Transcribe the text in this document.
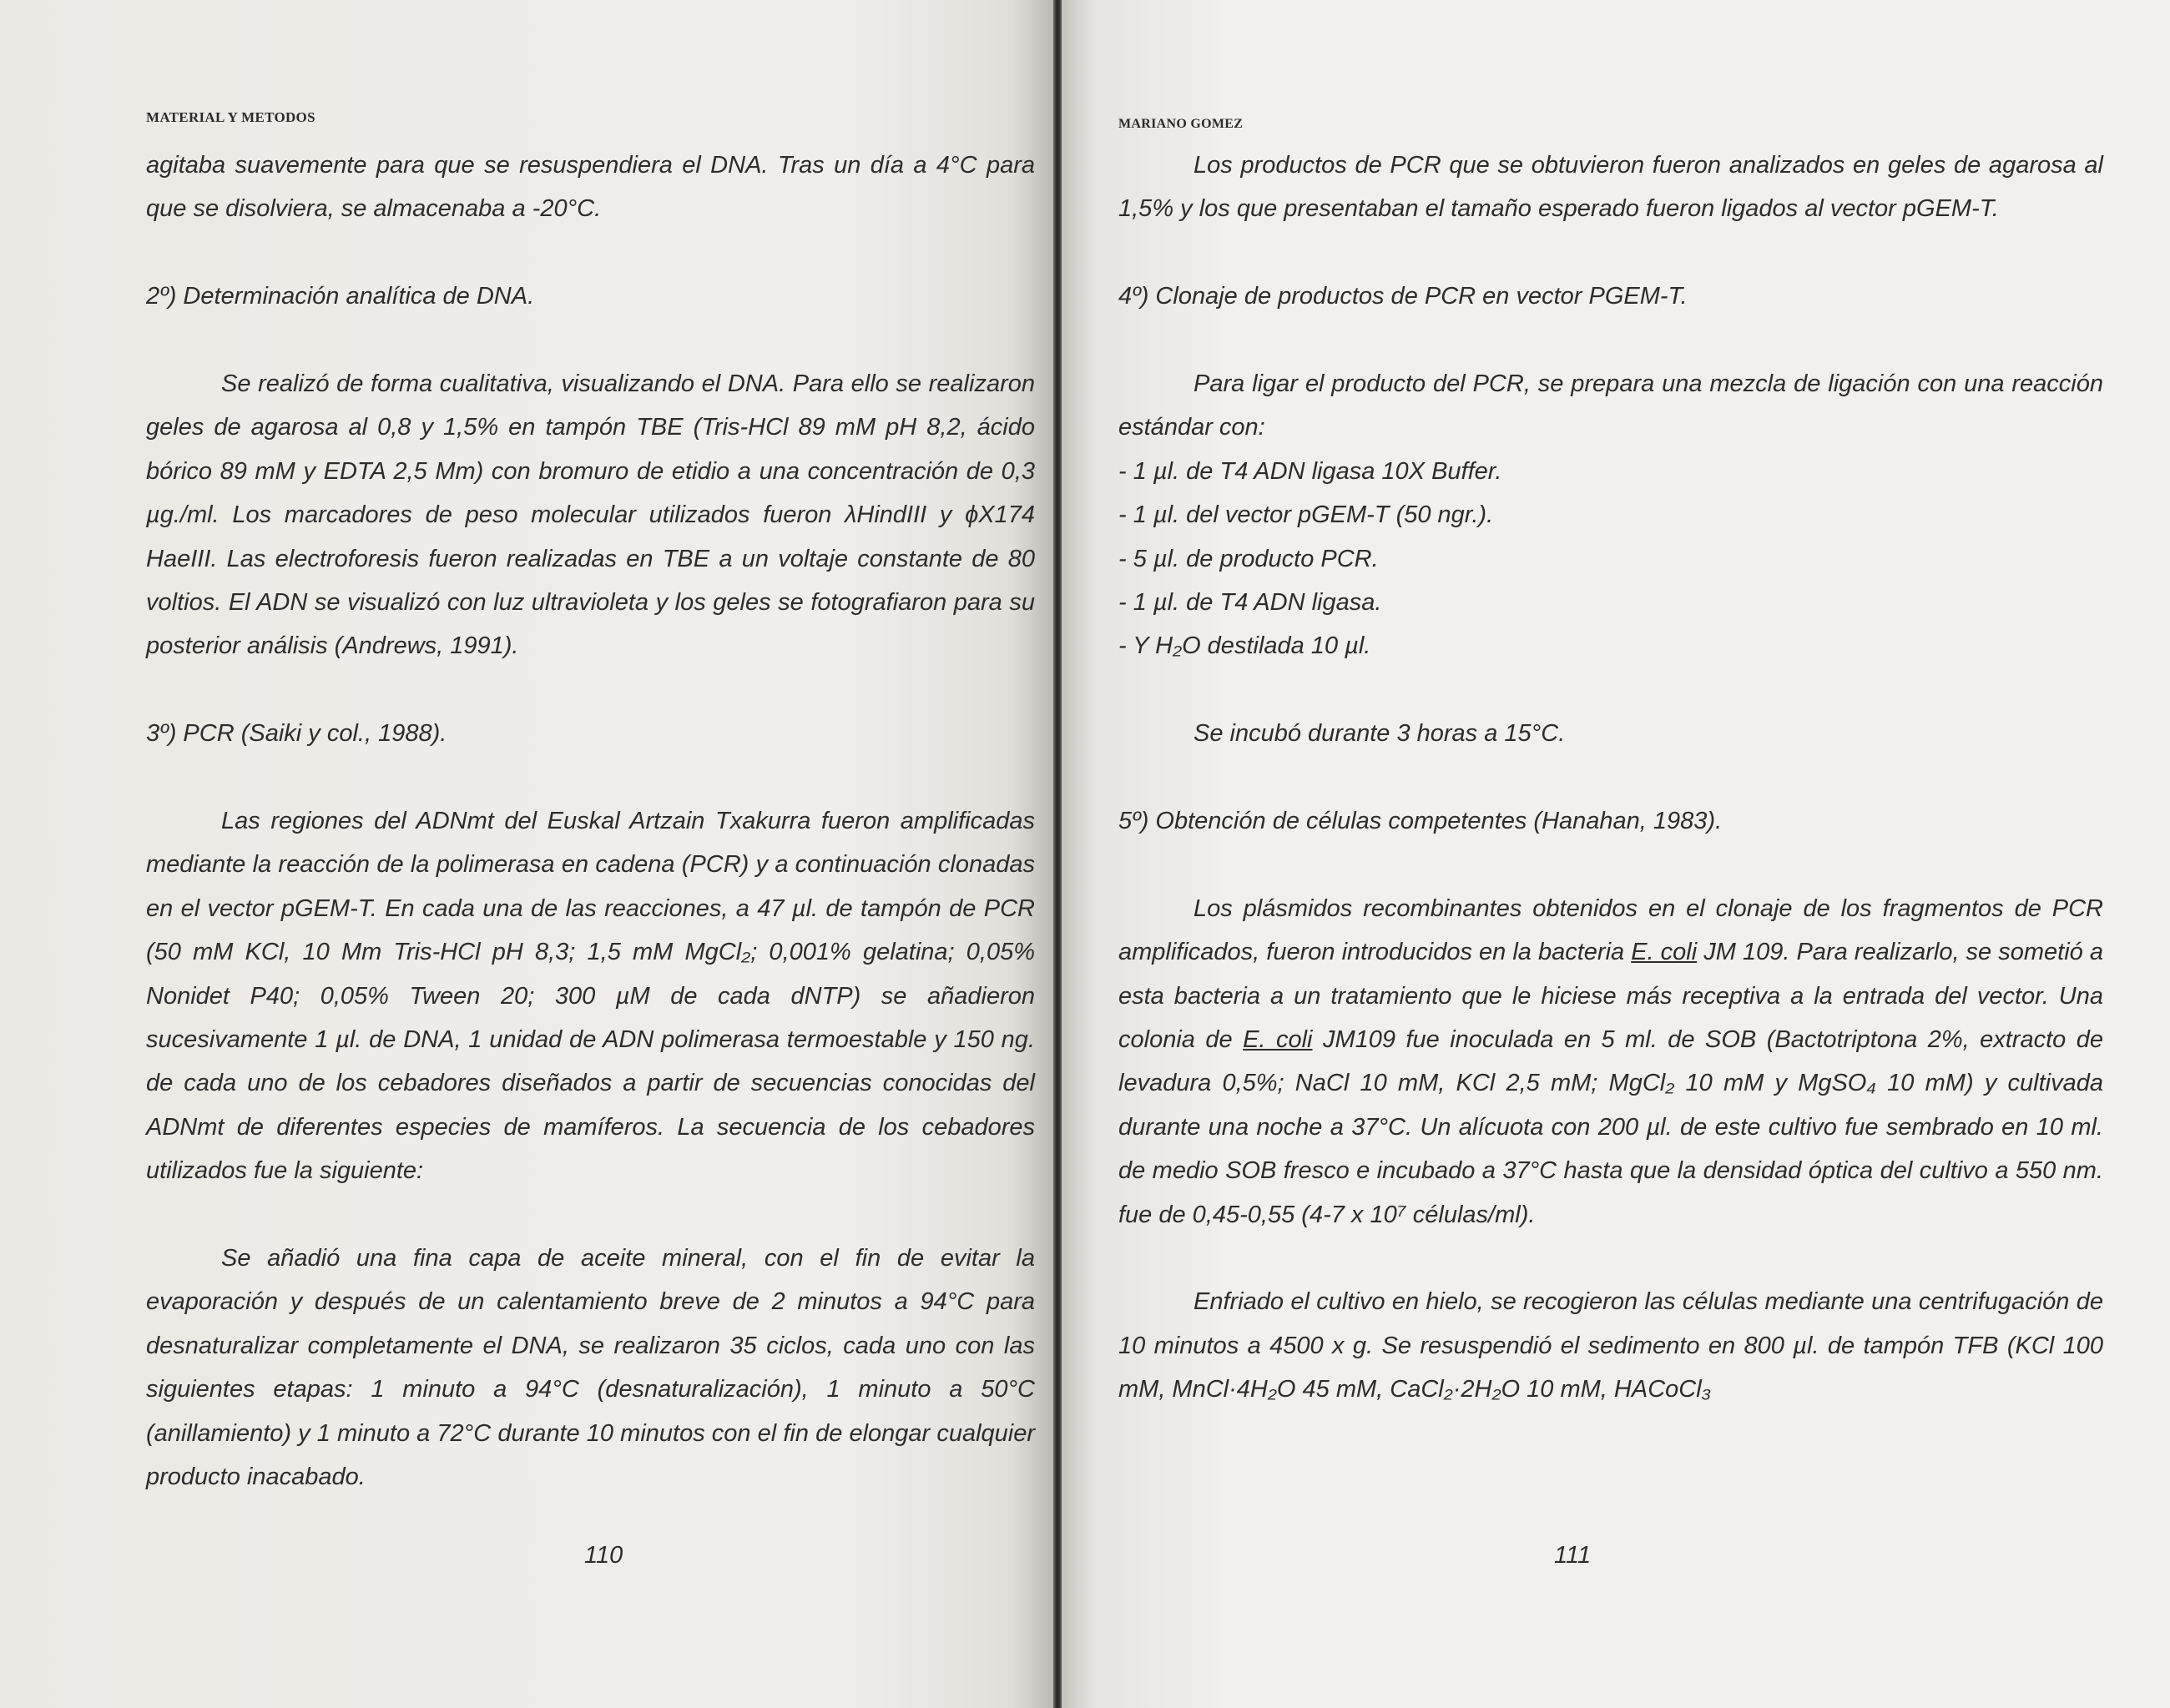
MATERIAL Y METODOS

agitaba suavemente para que se resuspendiera el DNA. Tras un día a 4°C para que se disolviera, se almacenaba a -20°C.

2º) Determinación analítica de DNA.

Se realizó de forma cualitativa, visualizando el DNA. Para ello se realizaron geles de agarosa al 0,8 y 1,5% en tampón TBE (Tris-HCl 89 mM pH 8,2, ácido bórico 89 mM y EDTA 2,5 Mm) con bromuro de etidio a una concentración de 0,3 µg./ml. Los marcadores de peso molecular utilizados fueron λHindIII y ϕX174 HaeIII. Las electroforesis fueron realizadas en TBE a un voltaje constante de 80 voltios. El ADN se visualizó con luz ultravioleta y los geles se fotografiaron para su posterior análisis (Andrews, 1991).

3º) PCR (Saiki y col., 1988).

Las regiones del ADNmt del Euskal Artzain Txakurra fueron amplificadas mediante la reacción de la polimerasa en cadena (PCR) y a continuación clonadas en el vector pGEM-T. En cada una de las reacciones, a 47 µl. de tampón de PCR (50 mM KCl, 10 Mm Tris-HCl pH 8,3; 1,5 mM MgCl₂; 0,001% gelatina; 0,05% Nonidet P40; 0,05% Tween 20; 300 µM de cada dNTP) se añadieron sucesivamente 1 µl. de DNA, 1 unidad de ADN polimerasa termoestable y 150 ng. de cada uno de los cebadores diseñados a partir de secuencias conocidas del ADNmt de diferentes especies de mamíferos. La secuencia de los cebadores utilizados fue la siguiente:

Se añadió una fina capa de aceite mineral, con el fin de evitar la evaporación y después de un calentamiento breve de 2 minutos a 94°C para desnaturalizar completamente el DNA, se realizaron 35 ciclos, cada uno con las siguientes etapas: 1 minuto a 94°C (desnaturalización), 1 minuto a 50°C (anillamiento) y 1 minuto a 72°C durante 10 minutos con el fin de elongar cualquier producto inacabado.

110
MARIANO GOMEZ

Los productos de PCR que se obtuvieron fueron analizados en geles de agarosa al 1,5% y los que presentaban el tamaño esperado fueron ligados al vector pGEM-T.

4º) Clonaje de productos de PCR en vector PGEM-T.

Para ligar el producto del PCR, se prepara una mezcla de ligación con una reacción estándar con:

- 1 µl. de T4 ADN ligasa 10X Buffer.

- 1 µl. del vector pGEM-T (50 ngr.).

- 5 µl. de producto PCR.

- 1 µl. de T4 ADN ligasa.

- Y H₂O destilada 10 µl.

Se incubó durante 3 horas a 15°C.

5º) Obtención de células competentes (Hanahan, 1983).

Los plásmidos recombinantes obtenidos en el clonaje de los fragmentos de PCR amplificados, fueron introducidos en la bacteria E. coli JM 109. Para realizarlo, se sometió a esta bacteria a un tratamiento que le hiciese más receptiva a la entrada del vector. Una colonia de E. coli JM109 fue inoculada en 5 ml. de SOB (Bactotriptona 2%, extracto de levadura 0,5%; NaCl 10 mM, KCl 2,5 mM; MgCl₂ 10 mM y MgSO₄ 10 mM) y cultivada durante una noche a 37°C. Un alícuota con 200 µl. de este cultivo fue sembrado en 10 ml. de medio SOB fresco e incubado a 37°C hasta que la densidad óptica del cultivo a 550 nm. fue de 0,45-0,55 (4-7 x 10⁷ células/ml).

Enfriado el cultivo en hielo, se recogieron las células mediante una centrifugación de 10 minutos a 4500 x g. Se resuspendió el sedimento en 800 µl. de tampón TFB (KCl 100 mM, MnCl·4H₂O 45 mM, CaCl₂·2H₂O 10 mM, HACoCl₃

111
